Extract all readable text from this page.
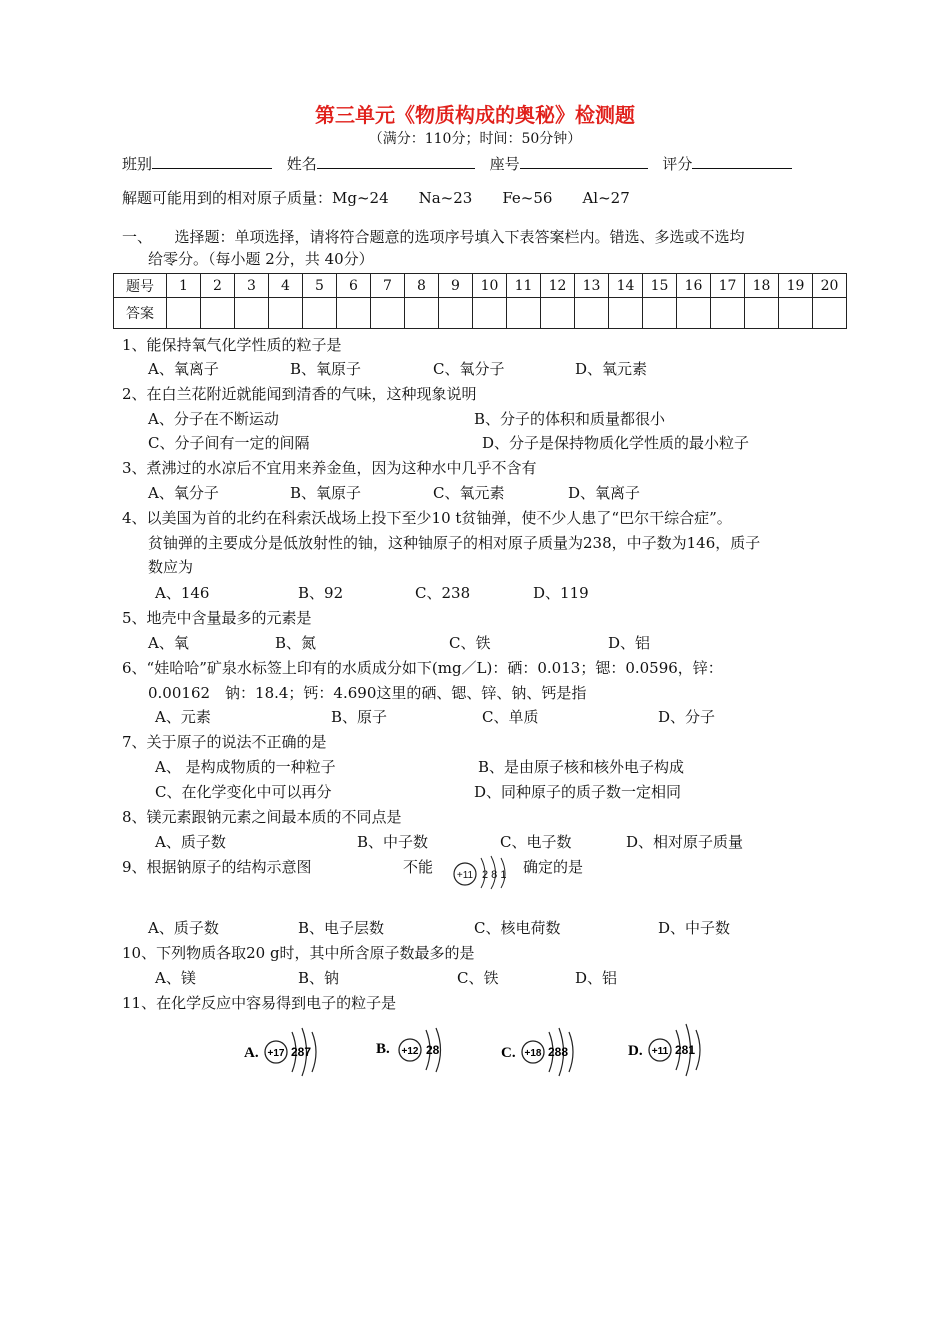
第三单元《物质构成的奥秘》检测题
（满分：110分；时间：50分钟）
班别	姓名	座号	评分
解题可能用到的相对原子质量：Mg~24　　Na~23　　Fe~56　　Al~27
一、　　选择题：单项选择，请将符合题意的选项序号填入下表答案栏内。错选、多选或不选均
给零分。（每小题 2分，共 40分）
题号	1	2	3	4	5	6	7	8	9	10	11	12	13	14	15	16	17	18	19	20
答案																				
1、能保持氧气化学性质的粒子是
A、氧离子	B、氧原子	C、氧分子	D、氧元素
2、在白兰花附近就能闻到清香的气味，这种现象说明
A、分子在不断运动	B、分子的体积和质量都很小
C、分子间有一定的间隔	D、分子是保持物质化学性质的最小粒子
3、煮沸过的水凉后不宜用来养金鱼，因为这种水中几乎不含有
A、氧分子	B、氧原子	C、氧元素	D、氧离子
4、以美国为首的北约在科索沃战场上投下至少10 t贫铀弹，使不少人患了“巴尔干综合症”。
贫铀弹的主要成分是低放射性的铀，这种铀原子的相对原子质量为238，中子数为146，质子
数应为
A、146	B、92	C、238	D、119
5、地壳中含量最多的元素是
A、氧	B、氮	C、铁	D、铝
6、“娃哈哈”矿泉水标签上印有的水质成分如下(mg／L)：硒：0.013；锶：0.0596，锌：
0.00162　钠：18.4；钙：4.690这里的硒、锶、锌、钠、钙是指
A、元素	B、原子	C、单质	D、分子
7、关于原子的说法不正确的是
A、 是构成物质的一种粒子	B、是由原子核和核外电子构成
C、在化学变化中可以再分	D、同种原子的质子数一定相同
8、镁元素跟钠元素之间最本质的不同点是
A、质子数	B、中子数	C、电子数	D、相对原子质量
9、根据钠原子的结构示意图	不能 +11 2 8 1 确定的是
A、质子数	B、电子层数	C、核电荷数	D、中子数
10、下列物质各取20 g时，其中所含原子数最多的是
A、镁	B、钠	C、铁	D、铝
11、在化学反应中容易得到电子的粒子是
A. +17 287	B. +12 28	C. +18 288	D. +11 281
